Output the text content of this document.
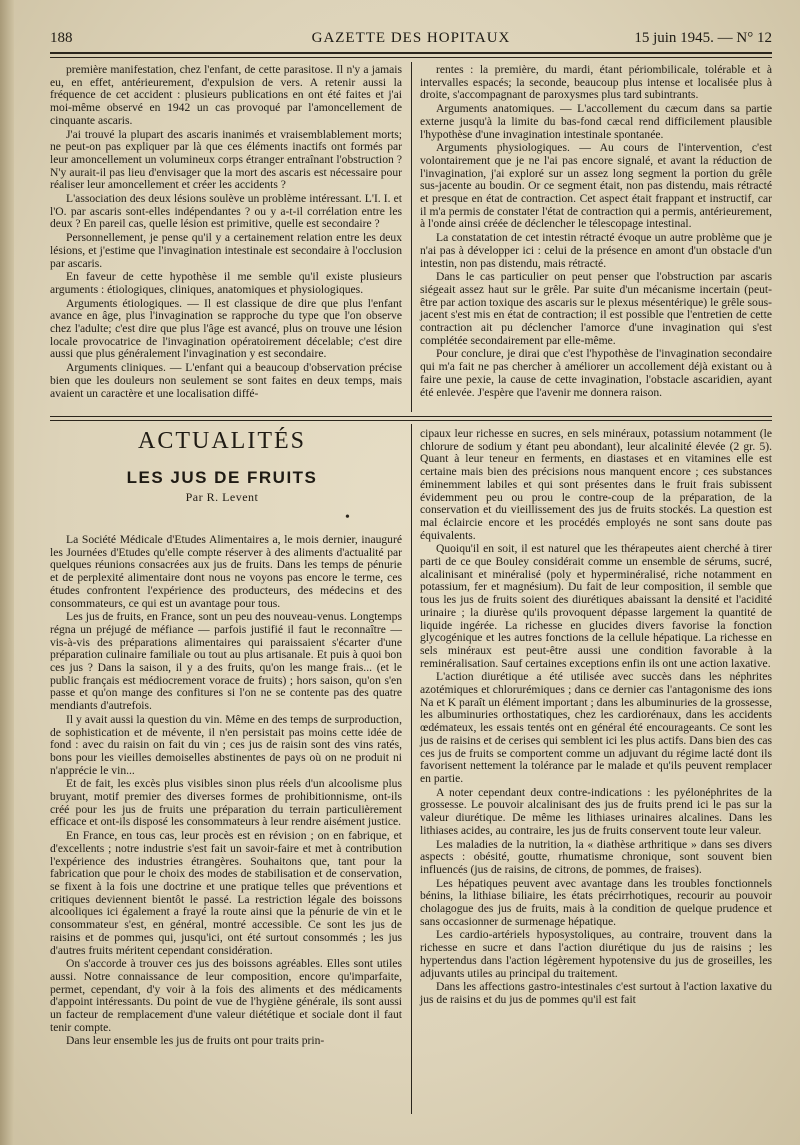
188	GAZETTE DES HOPITAUX	15 juin 1945. — N° 12

première manifestation, chez l'enfant, de cette parasitose. Il n'y a jamais eu, en effet, antérieurement, d'expulsion de vers. A retenir aussi la fréquence de cet accident : plusieurs publications en ont été faites et j'ai moi-même observé en 1942 un cas provoqué par l'amoncellement de cinquante ascaris.

J'ai trouvé la plupart des ascaris inanimés et vraisemblablement morts; ne peut-on pas expliquer par là que ces éléments inactifs ont formés par leur amoncellement un volumineux corps étranger entraînant l'obstruction ? N'y aurait-il pas lieu d'envisager que la mort des ascaris est nécessaire pour réaliser leur amoncellement et créer les accidents ?

L'association des deux lésions soulève un problème intéressant. L'I. I. et l'O. par ascaris sont-elles indépendantes ? ou y a-t-il corrélation entre les deux ? En pareil cas, quelle lésion est primitive, quelle est secondaire ?

Personnellement, je pense qu'il y a certainement relation entre les deux lésions, et j'estime que l'invagination intestinale est secondaire à l'occlusion par ascaris.

En faveur de cette hypothèse il me semble qu'il existe plusieurs arguments : étiologiques, cliniques, anatomiques et physiologiques.

Arguments étiologiques. — Il est classique de dire que plus l'enfant avance en âge, plus l'invagination se rapproche du type que l'on observe chez l'adulte; c'est dire que plus l'âge est avancé, plus on trouve une lésion locale provocatrice de l'invagination opératoirement décelable; c'est dire aussi que plus généralement l'invagination y est secondaire.

Arguments cliniques. — L'enfant qui a beaucoup d'observation précise bien que les douleurs non seulement se sont faites en deux temps, mais avaient un caractère et une localisation diffé-

rentes : la première, du mardi, étant périombilicale, tolérable et à intervalles espacés; la seconde, beaucoup plus intense et localisée plus à droite, s'accompagnant de paroxysmes plus tard subintrants.

Arguments anatomiques. — L'accollement du cæcum dans sa partie externe jusqu'à la limite du bas-fond cæcal rend difficilement plausible l'hypothèse d'une invagination intestinale spontanée.

Arguments physiologiques. — Au cours de l'intervention, c'est volontairement que je ne l'ai pas encore signalé, et avant la réduction de l'invagination, j'ai exploré sur un assez long segment la portion du grêle sus-jacente au boudin. Or ce segment était, non pas distendu, mais rétracté et presque en état de contraction. Cet aspect était frappant et instructif, car il m'a permis de constater l'état de contraction qui a permis, antérieurement, à l'onde ainsi créée de déclencher le télescopage intestinal.

La constatation de cet intestin rétracté évoque un autre problème que je n'ai pas à développer ici : celui de la présence en amont d'un obstacle d'un intestin, non pas distendu, mais rétracté.

Dans le cas particulier on peut penser que l'obstruction par ascaris siégeait assez haut sur le grêle. Par suite d'un mécanisme incertain (peut-être par action toxique des ascaris sur le plexus mésentérique) le grêle sous-jacent s'est mis en état de contraction; il est possible que l'entretien de cette contraction ait pu déclencher l'amorce d'une invagination qui s'est complétée secondairement par elle-même.

Pour conclure, je dirai que c'est l'hypothèse de l'invagination secondaire qui m'a fait ne pas chercher à améliorer un accollement déjà existant ou à faire une pexie, la cause de cette invagination, l'obstacle ascaridien, ayant été enlevée. J'espère que l'avenir me donnera raison.

ACTUALITÉS
LES JUS DE FRUITS
Par R. Levent
•

La Société Médicale d'Etudes Alimentaires a, le mois dernier, inauguré les Journées d'Etudes qu'elle compte réserver à des aliments d'actualité par quelques réunions consacrées aux jus de fruits. Dans les temps de pénurie et de perplexité alimentaire dont nous ne voyons pas encore le terme, ces études confrontent l'expérience des producteurs, des médecins et des consommateurs, ce qui est un avantage pour tous.

Les jus de fruits, en France, sont un peu des nouveau-venus. Longtemps régna un préjugé de méfiance — parfois justifié il faut le reconnaître — vis-à-vis des préparations alimentaires qui paraissaient s'écarter d'une préparation culinaire familiale ou tout au plus artisanale. Et puis à quoi bon ces jus ? Dans la saison, il y a des fruits, qu'on les mange frais... (et le public français est médiocrement vorace de fruits) ; hors saison, qu'on s'en passe et qu'on mange des confitures si l'on ne se contente pas des quatre mendiants d'autrefois.

Il y avait aussi la question du vin. Même en des temps de surproduction, de sophistication et de mévente, il n'en persistait pas moins cette idée de fond : avec du raisin on fait du vin ; ces jus de raisin sont des vins ratés, bons pour les vieilles demoiselles abstinentes de pays où on ne produit ni n'apprécie le vin...

Et de fait, les excès plus visibles sinon plus réels d'un alcoolisme plus bruyant, motif premier des diverses formes de prohibitionnisme, ont-ils créé pour les jus de fruits une préparation du terrain particulièrement efficace et ont-ils disposé les consommateurs à leur rendre aisément justice.

En France, en tous cas, leur procès est en révision ; on en fabrique, et d'excellents ; notre industrie s'est fait un savoir-faire et met à contribution l'expérience des industries étrangères. Souhaitons que, tant pour la fabrication que pour le choix des modes de stabilisation et de conservation, se fixent à la fois une doctrine et une pratique telles que préventions et critiques deviennent bientôt le passé. La restriction légale des boissons alcooliques ici également a frayé la route ainsi que la pénurie de vin et le consommateur s'est, en général, montré accessible. Ce sont les jus de raisins et de pommes qui, jusqu'ici, ont été surtout consommés ; les jus d'autres fruits méritent cependant considération.

On s'accorde à trouver ces jus des boissons agréables. Elles sont utiles aussi. Notre connaissance de leur composition, encore qu'imparfaite, permet, cependant, d'y voir à la fois des aliments et des médicaments d'appoint intéressants. Du point de vue de l'hygiène générale, ils sont aussi un facteur de remplacement d'une valeur diététique et sociale dont il faut tenir compte.

Dans leur ensemble les jus de fruits ont pour traits prin-

cipaux leur richesse en sucres, en sels minéraux, potassium notamment (le chlorure de sodium y étant peu abondant), leur alcalinité élevée (2 gr. 5). Quant à leur teneur en ferments, en diastases et en vitamines elle est certaine mais bien des précisions nous manquent encore ; ces substances éminemment labiles et qui sont présentes dans le fruit frais subissent évidemment peu ou prou le contre-coup de la préparation, de la conservation et du vieillissement des jus de fruits stockés. La question est mal éclaircie encore et les procédés employés ne sont sans doute pas équivalents.

Quoiqu'il en soit, il est naturel que les thérapeutes aient cherché à tirer parti de ce que Bouley considérait comme un ensemble de sérums, sucré, alcalinisant et minéralisé (poly et hyperminéralisé, riche notamment en potassium, fer et magnésium). Du fait de leur composition, il semble que tous les jus de fruits soient des diurétiques abaissant la densité et l'acidité urinaire ; la diurèse qu'ils provoquent dépasse largement la quantité de liquide ingérée. La richesse en glucides divers favorise la fonction glycogénique et les autres fonctions de la cellule hépatique. La richesse en sels minéraux est peut-être aussi une condition favorable à la reminéralisation. Sauf certaines exceptions enfin ils ont une action laxative.

L'action diurétique a été utilisée avec succès dans les néphrites azotémiques et chlorurémiques ; dans ce dernier cas l'antagonisme des ions Na et K paraît un élément important ; dans les albuminuries de la grossesse, les albuminuries orthostatiques, chez les cardiorénaux, dans les accidents œdémateux, les essais tentés ont en général été encourageants. Ce sont les jus de raisins et de cerises qui semblent ici les plus actifs. Dans bien des cas ces jus de fruits se comportent comme un adjuvant du régime lacté dont ils favorisent nettement la tolérance par le malade et qu'ils peuvent remplacer en partie.

A noter cependant deux contre-indications : les pyélonéphrites de la grossesse. Le pouvoir alcalinisant des jus de fruits prend ici le pas sur la valeur diurétique. De même les lithiases urinaires alcalines. Dans les lithiases acides, au contraire, les jus de fruits conservent toute leur valeur.

Les maladies de la nutrition, la « diathèse arthritique » dans ses divers aspects : obésité, goutte, rhumatisme chronique, sont souvent bien influencés (jus de raisins, de citrons, de pommes, de fraises).

Les hépatiques peuvent avec avantage dans les troubles fonctionnels bénins, la lithiase biliaire, les états précirrhotiques, recourir au pouvoir cholagogue des jus de fruits, mais à la condition de quelque prudence et sans occasionner de surmenage hépatique.

Les cardio-artériels hyposystoliques, au contraire, trouvent dans la richesse en sucre et dans l'action diurétique du jus de raisins ; les hypertendus dans l'action légèrement hypotensive du jus de groseilles, les adjuvants utiles au principal du traitement.

Dans les affections gastro-intestinales c'est surtout à l'action laxative du jus de raisins et du jus de pommes qu'il est fait
